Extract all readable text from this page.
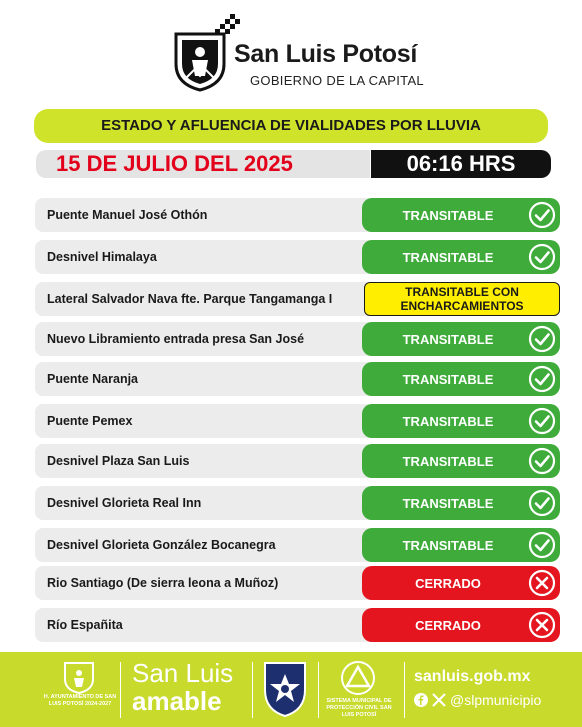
San Luis Potosí
GOBIERNO DE LA CAPITAL
ESTADO Y AFLUENCIA DE VIALIDADES POR LLUVIA
15 DE JULIO DEL 2025	06:16 HRS
Puente Manuel José Othón	TRANSITABLE
Desnivel Himalaya	TRANSITABLE
Lateral Salvador Nava fte. Parque Tangamanga I	TRANSITABLE CON ENCHARCAMIENTOS
Nuevo Libramiento entrada presa San José	TRANSITABLE
Puente Naranja	TRANSITABLE
Puente Pemex	TRANSITABLE
Desnivel Plaza San Luis	TRANSITABLE
Desnivel Glorieta Real Inn	TRANSITABLE
Desnivel Glorieta González Bocanegra	TRANSITABLE
Rio Santiago (De sierra leona a Muñoz)	CERRADO
Río Españita	CERRADO
H. AYUNTAMIENTO DE SAN LUIS POTOSÍ 2024-2027
San Luis
amable	SISTEMA MUNICIPAL DE PROTECCIÓN CIVIL SAN LUIS POTOSÍ
sanluis.gob.mx
@slpmunicipio
